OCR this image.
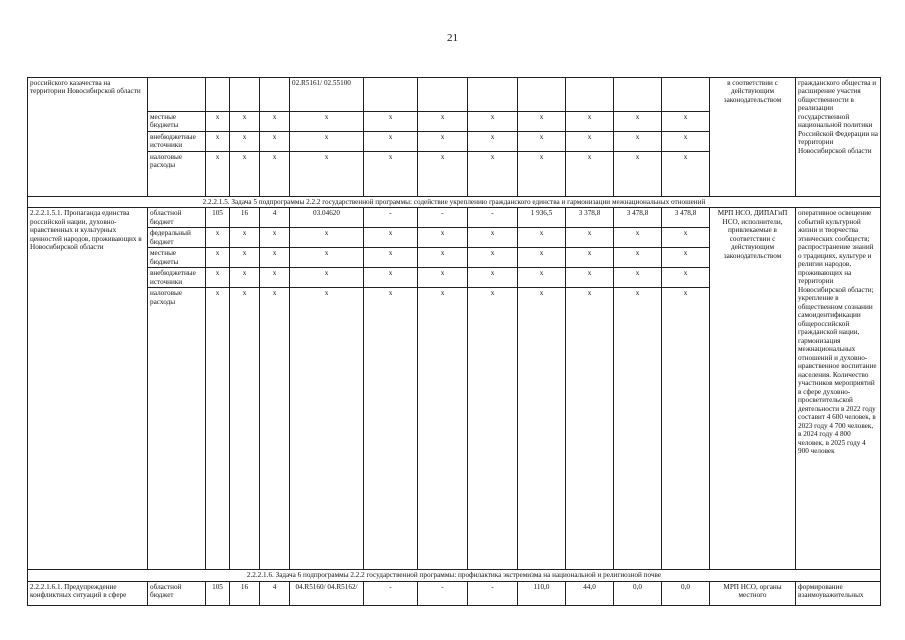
21
российского казачества на территории Новосибирской области					02.R5161/ 02.55100								в соответствии с действующим законодательством	гражданского общества и расширение участия общественности в реализации государственной национальной политики Российской Федерации на территории Новосибирской области
	местные бюджеты	x	x	x	x	x	x	x	x	x	x	x		
	внебюджетные источники	x	x	x	x	x	x	x	x	x	x	x		
	налоговые расходы	x	x	x	x	x	x	x	x	x	x	x		
2.2.2.1.5. Задача 5 подпрограммы 2.2.2 государственной программы: содействие укреплению гражданского единства и гармонизации межнациональных отношений														
2.2.2.1.5.1. Пропаганда единства российской нации, духовно-нравственных и культурных ценностей народов, проживающих в Новосибирской области	областной бюджет	105	16	4	03.04620	-	-	-	1 936,5	3 378,8	3 478,8	3 478,8	МРП НСО, ДИПАГиП НСО, исполнители, привлекаемые в соответствии с действующим законодательством	оперативное освещение событий культурной жизни и творчества этнических сообществ; распространение знаний о традициях, культуре и религии народов, проживающих на территории Новосибирской области; укрепление в общественном сознании самоидентификации общероссийской гражданской нации, гармонизация межнациональных отношений и духовно-нравственное воспитание населения. Количество участников мероприятий в сфере духовно-просветительской деятельности в 2022 году составит 4 600 человек, в 2023 году 4 700 человек, в 2024 году 4 800 человек, в 2025 году 4 900 человек
	федеральный бюджет	x	x	x	x	x	x	x	x	x	x	x		
	местные бюджеты	x	x	x	x	x	x	x	x	x	x	x		
	внебюджетные источники	x	x	x	x	x	x	x	x	x	x	x		
	налоговые расходы	x	x	x	x	x	x	x	x	x	x	x		
2.2.2.1.6. Задача 6 подпрограммы 2.2.2 государственной программы: профилактика экстремизма на национальной и религиозной почве														
2.2.2.1.6.1. Предупреждение конфликтных ситуаций в сфере	областной бюджет	105	16	4	04.R5160/ 04.R5162/	-	-	-	110,0	44,0	0,0	0,0	МРП НСО, органы местного	формирование взаимоуважительных
